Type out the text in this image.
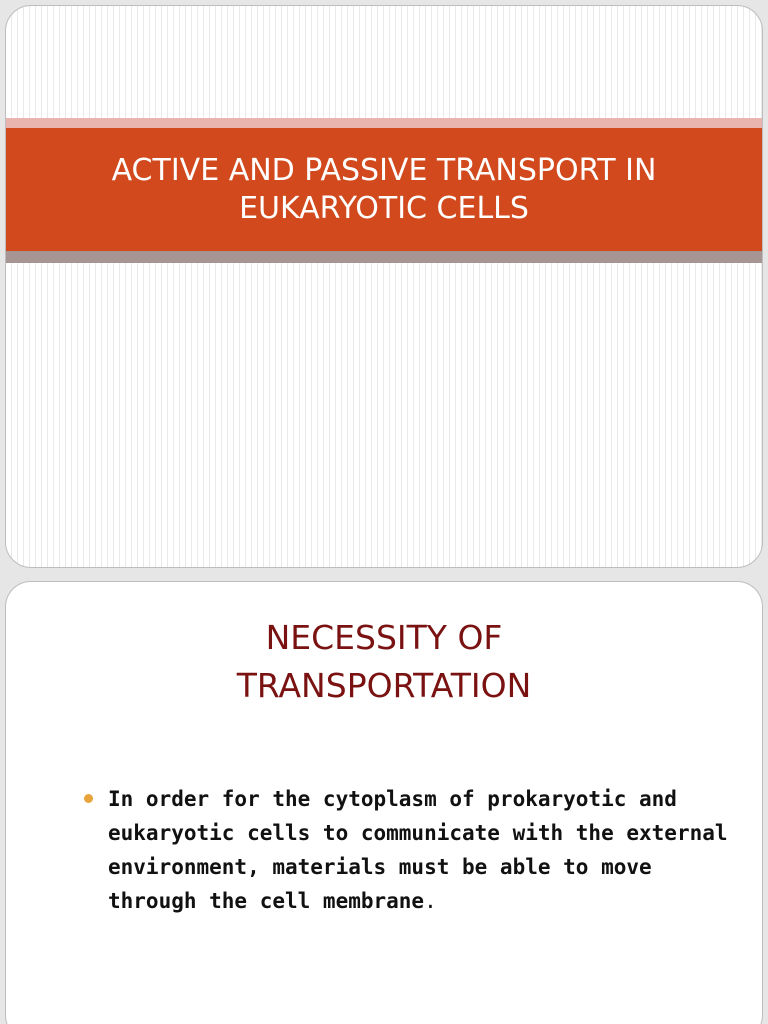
ACTIVE AND PASSIVE TRANSPORT IN
EUKARYOTIC CELLS
NECESSITY OF
TRANSPORTATION
In order for the cytoplasm of prokaryotic and eukaryotic cells to communicate with the external environment, materials must be able to move through the cell membrane.
